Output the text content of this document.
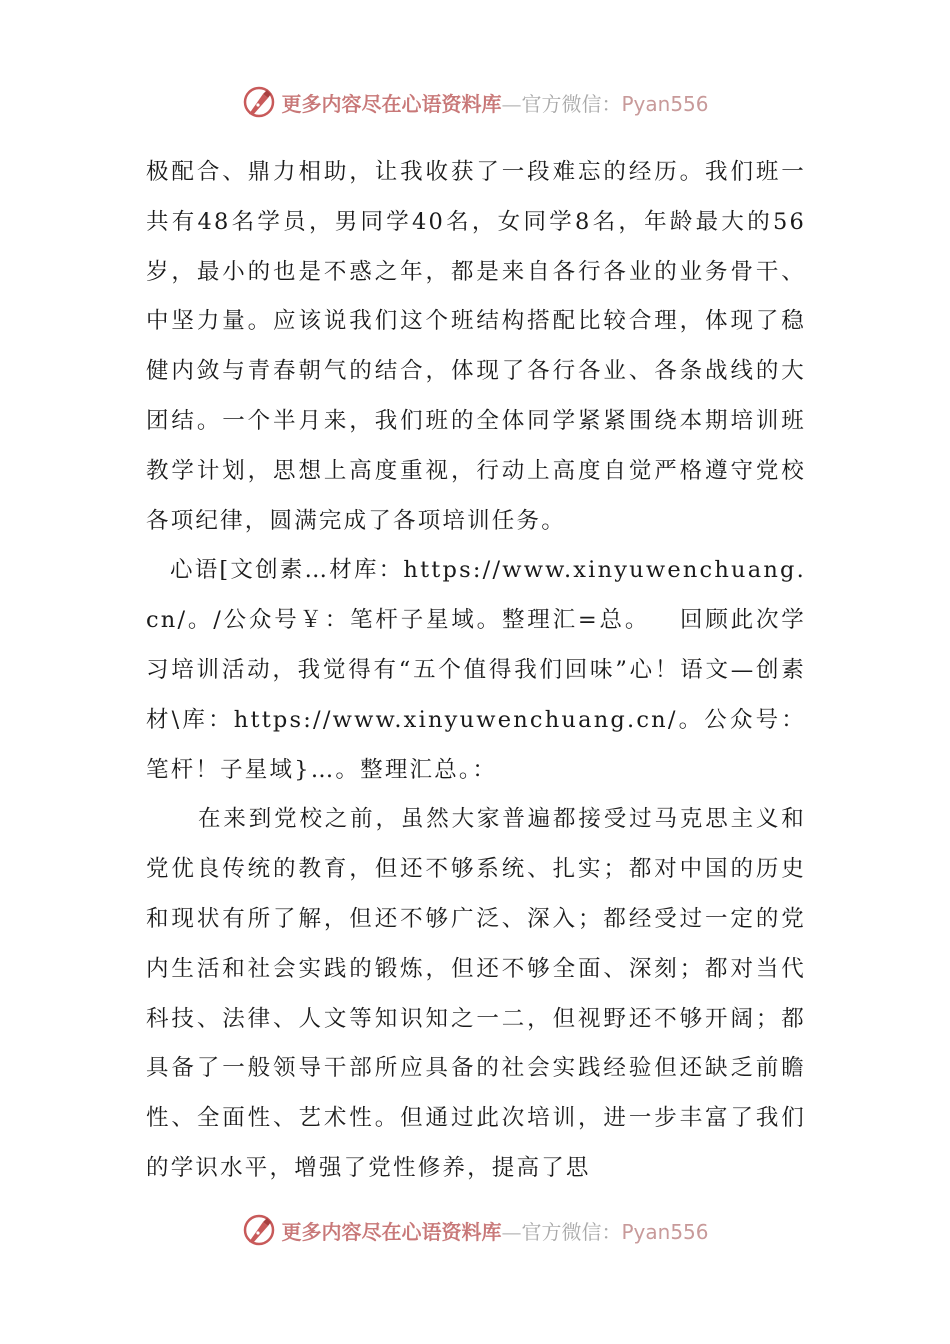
更多内容尽在心语资料库—官方微信：Pyan556

极配合、鼎力相助，让我收获了一段难忘的经历。我们班一共有48名学员，男同学40名，女同学8名，年龄最大的56岁，最小的也是不惑之年，都是来自各行各业的业务骨干、中坚力量。应该说我们这个班结构搭配比较合理，体现了稳健内敛与青春朝气的结合，体现了各行各业、各条战线的大团结。一个半月来，我们班的全体同学紧紧围绕本期培训班教学计划，思想上高度重视，行动上高度自觉严格遵守党校各项纪律，圆满完成了各项培训任务。

心语[文创素…材库：https://www.xinyuwenchuang.cn/。/公众号￥：笔杆子星域。整理汇=总。   回顾此次学习培训活动，我觉得有“五个值得我们回味”心！语文—创素材\库：https://www.xinyuwenchuang.cn/。公众号：笔杆！子星域}…。整理汇总。：

在来到党校之前，虽然大家普遍都接受过马克思主义和党优良传统的教育，但还不够系统、扎实；都对中国的历史和现状有所了解，但还不够广泛、深入；都经受过一定的党内生活和社会实践的锻炼，但还不够全面、深刻；都对当代科技、法律、人文等知识知之一二，但视野还不够开阔；都具备了一般领导干部所应具备的社会实践经验但还缺乏前瞻性、全面性、艺术性。但通过此次培训，进一步丰富了我们的学识水平，增强了党性修养，提高了思

更多内容尽在心语资料库—官方微信：Pyan556
